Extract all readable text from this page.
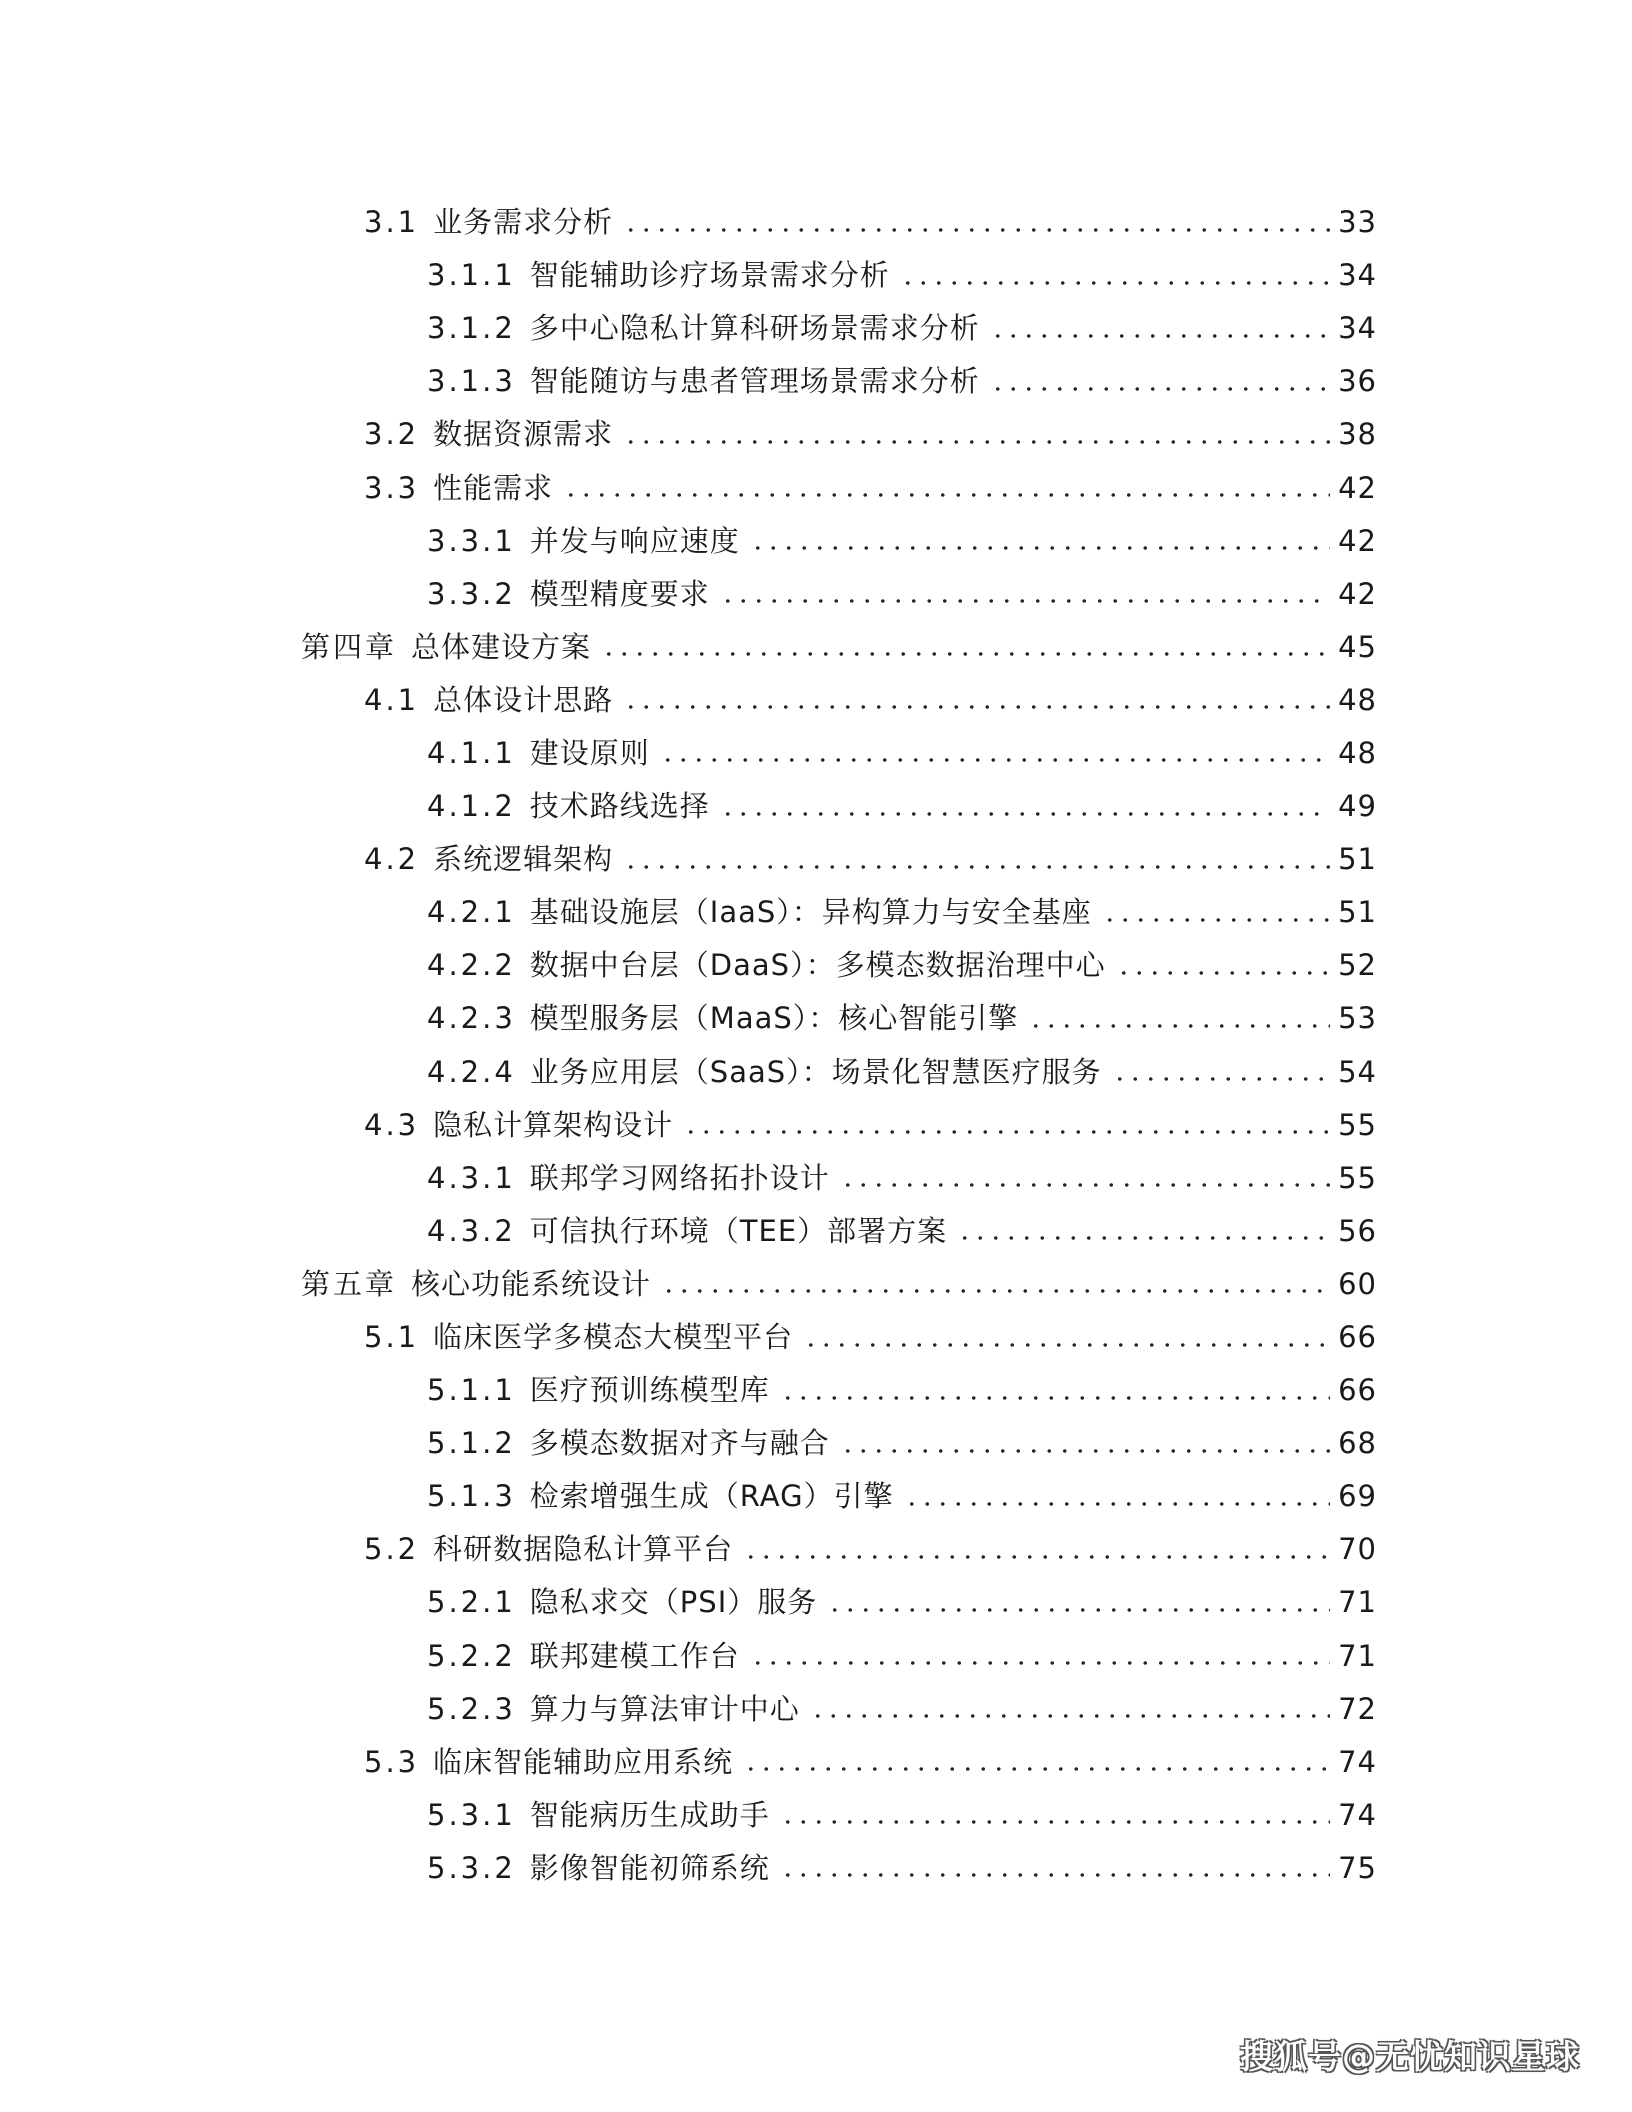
3.1 业务需求分析	33
3.1.1 智能辅助诊疗场景需求分析	34
3.1.2 多中心隐私计算科研场景需求分析	34
3.1.3 智能随访与患者管理场景需求分析	36
3.2 数据资源需求	38
3.3 性能需求	42
3.3.1 并发与响应速度	42
3.3.2 模型精度要求	42
第四章 总体建设方案	45
4.1 总体设计思路	48
4.1.1 建设原则	48
4.1.2 技术路线选择	49
4.2 系统逻辑架构	51
4.2.1 基础设施层（IaaS）：异构算力与安全基座	51
4.2.2 数据中台层（DaaS）：多模态数据治理中心	52
4.2.3 模型服务层（MaaS）：核心智能引擎	53
4.2.4 业务应用层（SaaS）：场景化智慧医疗服务	54
4.3 隐私计算架构设计	55
4.3.1 联邦学习网络拓扑设计	55
4.3.2 可信执行环境（TEE）部署方案	56
第五章 核心功能系统设计	60
5.1 临床医学多模态大模型平台	66
5.1.1 医疗预训练模型库	66
5.1.2 多模态数据对齐与融合	68
5.1.3 检索增强生成（RAG）引擎	69
5.2 科研数据隐私计算平台	70
5.2.1 隐私求交（PSI）服务	71
5.2.2 联邦建模工作台	71
5.2.3 算力与算法审计中心	72
5.3 临床智能辅助应用系统	74
5.3.1 智能病历生成助手	74
5.3.2 影像智能初筛系统	75
搜狐号@无忧知识星球
